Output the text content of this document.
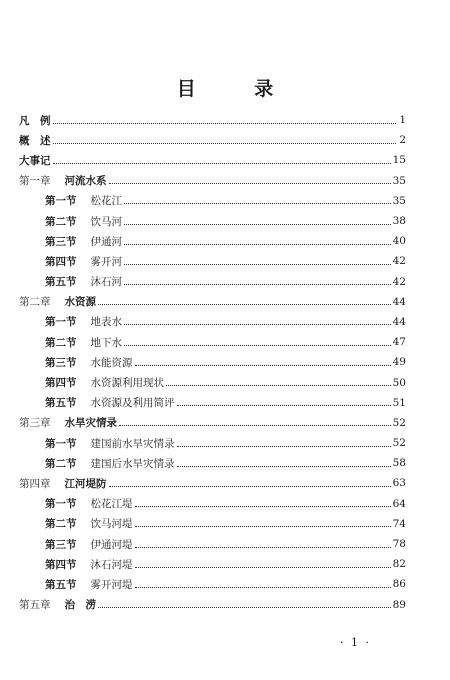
目 录
凡　例	1
概　述	2
大事记	15
第一章 河流水系	35
第一节 松花江	35
第二节 饮马河	38
第三节 伊通河	40
第四节 雾开河	42
第五节 沐石河	42
第二章 水资源	44
第一节 地表水	44
第二节 地下水	47
第三节 水能资源	49
第四节 水资源利用现状	50
第五节 水资源及利用简评	51
第三章 水旱灾情录	52
第一节 建国前水旱灾情录	52
第二节 建国后水旱灾情录	58
第四章 江河堤防	63
第一节 松花江堤	64
第二节 饮马河堤	74
第三节 伊通河堤	78
第四节 沐石河堤	82
第五节 雾开河堤	86
第五章 治　涝	89
· 1 ·
